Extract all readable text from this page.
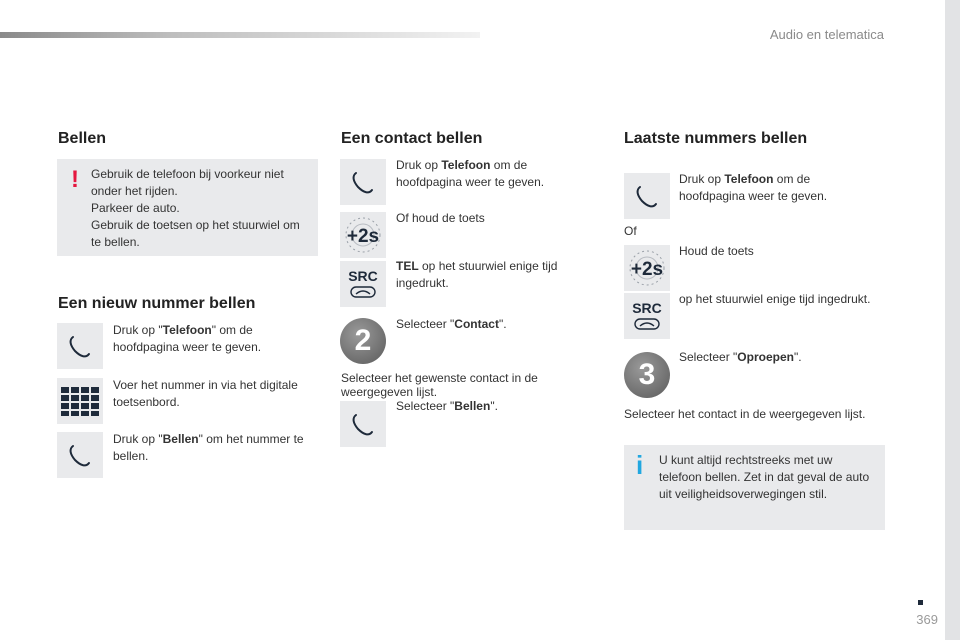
Audio en telematica
Bellen
! Gebruik de telefoon bij voorkeur niet
onder het rijden.
Parkeer de auto.
Gebruik de toetsen op het stuurwiel om
te bellen.
Een nieuw nummer bellen
Druk op "Telefoon" om de
hoofdpagina weer te geven.
Voer het nummer in via het digitale
toetsenbord.
Druk op "Bellen" om het nummer te
bellen.
Een contact bellen
Druk op Telefoon om de
hoofdpagina weer te geven.
+2s
Of houd de toets
SRC
TEL op het stuurwiel enige tijd
ingedrukt.
2	Selecteer "Contact".
Selecteer het gewenste contact in de
weergegeven lijst.
Selecteer "Bellen".
Laatste nummers bellen
Druk op Telefoon om de
hoofdpagina weer te geven.
Of
+2s
Houd de toets
SRC
op het stuurwiel enige tijd ingedrukt.
3
Selecteer "Oproepen".
Selecteer het contact in de weergegeven lijst.
i U kunt altijd rechtstreeks met uw
telefoon bellen. Zet in dat geval de auto
uit veiligheidsoverwegingen stil.
369
